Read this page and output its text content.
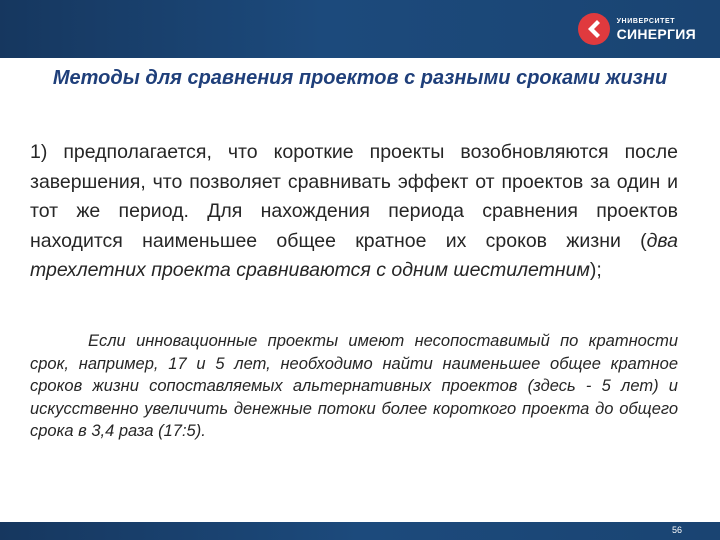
УНИВЕРСИТЕТ
СИНЕРГИЯ
Методы для сравнения проектов с разными сроками жизни
1) предполагается, что короткие проекты возобновляются после завершения, что позволяет сравнивать эффект от проектов за один и тот же период. Для нахождения периода сравнения проектов находится наименьшее общее кратное их сроков жизни (два трехлетних проекта сравниваются с одним шестилетним);
Если инновационные проекты имеют несопоставимый по кратности срок, например, 17 и 5 лет, необходимо найти наименьшее общее кратное сроков жизни сопоставляемых альтернативных проектов (здесь - 5 лет) и искусственно увеличить денежные потоки более короткого проекта до общего срока в 3,4 раза (17:5).
56
